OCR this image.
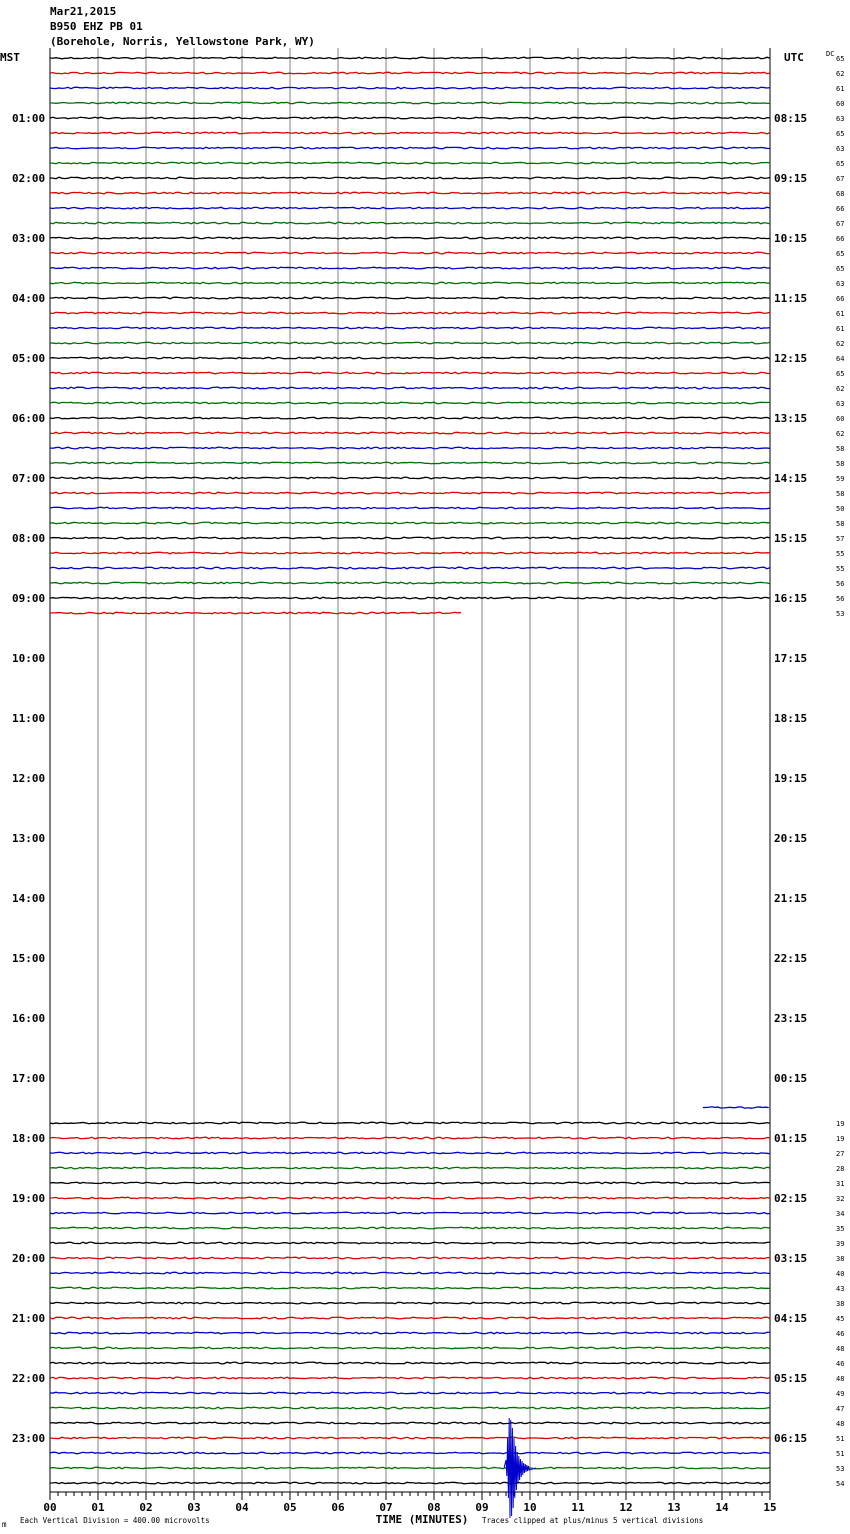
Mar21,2015
B950 EHZ PB 01
(Borehole, Norris, Yellowstone Park, WY)
MST	UTC	DC
01:00
02:00
03:00
04:00
05:00
06:00
07:00
08:00
09:00
10:00
11:00
12:00
13:00
14:00
15:00
16:00
17:00
18:00
19:00
20:00
21:00
22:00
23:00
08:15
09:15
10:15
11:15
12:15
13:15
14:15
15:15
16:15
17:15
18:15
19:15
20:15
21:15
22:15
23:15
00:15
01:15
02:15
03:15
04:15
05:15
06:15
65
62
61
60
63
65
63
65
67
68
66
67
66
65
65
63
66
61
61
62
64
65
62
63
60
62
58
58
59
58
50
58
57
55
55
56
56
53
19
19
27
28
31
32
34
35
39
38
40
43
38
45
46
48
46
48
49
47
48
51
51
53
54
00	01	02	03	04	05	06	07	08	09	10	11	12	13	14	15
TIME (MINUTES)
Each Vertical Division = 400.00 microvolts	Traces clipped at plus/minus 5 vertical divisions
m
